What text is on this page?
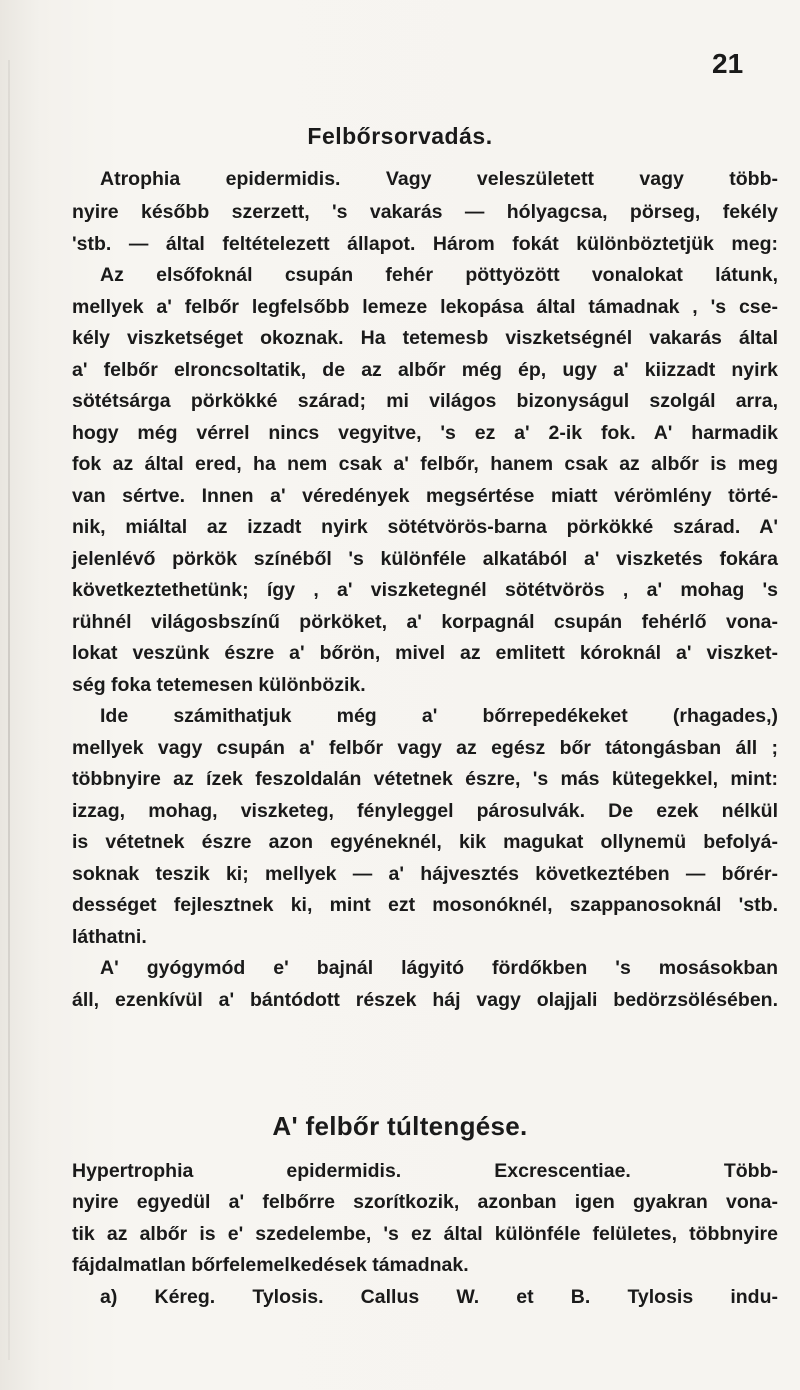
21
Felbőrsorvadás.
Atrophia epidermidis. Vagy veleszületett vagy több-
nyire később szerzett, 's vakarás — hólyagcsa, pörseg, fekély
'stb. — által feltételezett állapot. Három fokát különböztetjük meg:
Az elsőfoknál csupán fehér pöttyözött vonalokat látunk,
mellyek a' felbőr legfelsőbb lemeze lekopása által támadnak , 's cse-
kély viszketséget okoznak. Ha tetemesb viszketségnél vakarás által
a' felbőr elroncsoltatik, de az albőr még ép, ugy a' kiizzadt nyirk
sötétsárga pörkökké szárad; mi világos bizonyságul szolgál arra,
hogy még vérrel nincs vegyitve, 's ez a' 2-ik fok. A' harmadik
fok az által ered, ha nem csak a' felbőr, hanem csak az albőr is meg
van sértve. Innen a' véredények megsértése miatt vérömlény törté-
nik, miáltal az izzadt nyirk sötétvörös-barna pörkökké szárad. A'
jelenlévő pörkök színéből 's különféle alkatából a' viszketés fokára
következtethetünk; így , a' viszketegnél sötétvörös , a' mohag 's
rühnél világosbszínű pörköket, a' korpagnál csupán fehérlő vona-
lokat veszünk észre a' bőrön, mivel az emlitett kóroknál a' viszket-
ség foka tetemesen különbözik.
Ide számithatjuk még a' bőrrepedékeket (rhagades,)
mellyek vagy csupán a' felbőr vagy az egész bőr tátongásban áll ;
többnyire az ízek feszoldalán vétetnek észre, 's más kütegekkel, mint:
izzag, mohag, viszketeg, fényleggel párosulvák. De ezek nélkül
is vétetnek észre azon egyéneknél, kik magukat ollynemü befolyá-
soknak teszik ki; mellyek — a' hájvesztés következtében — bőrér-
dességet fejlesztnek ki, mint ezt mosonóknél, szappanosoknál 'stb.
láthatni.
A' gyógymód e' bajnál lágyitó fördőkben 's mosásokban
áll, ezenkívül a' bántódott részek háj vagy olajjali bedörzsölésében.
A' felbőr túltengése.
Hypertrophia epidermidis. Excrescentiae. Több-
nyire egyedül a' felbőrre szorítkozik, azonban igen gyakran vona-
tik az albőr is e' szedelembe, 's ez által különféle felületes, többnyire
fájdalmatlan bőrfelemelkedések támadnak.
a) Kéreg. Tylosis. Callus W. et B. Tylosis indu-
